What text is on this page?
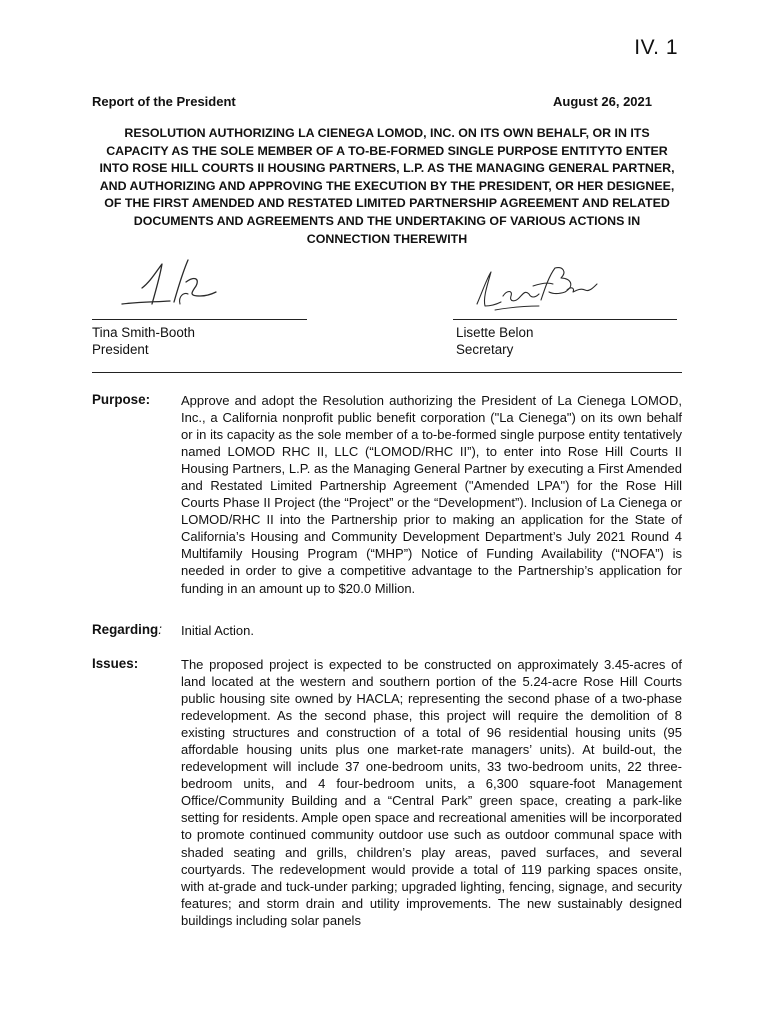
IV. 1
Report of the President	August 26, 2021
RESOLUTION AUTHORIZING LA CIENEGA LOMOD, INC. ON ITS OWN BEHALF, OR IN ITS CAPACITY AS THE SOLE MEMBER OF A TO-BE-FORMED SINGLE PURPOSE ENTITYTO ENTER INTO ROSE HILL COURTS II HOUSING PARTNERS, L.P. AS THE MANAGING GENERAL PARTNER, AND AUTHORIZING AND APPROVING THE EXECUTION BY THE PRESIDENT, OR HER DESIGNEE, OF THE FIRST AMENDED AND RESTATED LIMITED PARTNERSHIP AGREEMENT AND RELATED DOCUMENTS AND AGREEMENTS AND THE UNDERTAKING OF VARIOUS ACTIONS IN CONNECTION THEREWITH
Tina Smith-Booth
President
Lisette Belon
Secretary
Purpose: Approve and adopt the Resolution authorizing the President of La Cienega LOMOD, Inc., a California nonprofit public benefit corporation ("La Cienega") on its own behalf or in its capacity as the sole member of a to-be-formed single purpose entity tentatively named LOMOD RHC II, LLC (“LOMOD/RHC II”), to enter into Rose Hill Courts II Housing Partners, L.P. as the Managing General Partner by executing a First Amended and Restated Limited Partnership Agreement ("Amended LPA") for the Rose Hill Courts Phase II Project (the “Project” or the “Development”). Inclusion of La Cienega or LOMOD/RHC II into the Partnership prior to making an application for the State of California’s Housing and Community Development Department’s July 2021 Round 4 Multifamily Housing Program (“MHP”) Notice of Funding Availability (“NOFA”) is needed in order to give a competitive advantage to the Partnership’s application for funding in an amount up to $20.0 Million.
Regarding: Initial Action.
Issues:	The proposed project is expected to be constructed on approximately 3.45-acres of land located at the western and southern portion of the 5.24-acre Rose Hill Courts public housing site owned by HACLA; representing the second phase of a two-phase redevelopment. As the second phase, this project will require the demolition of 8 existing structures and construction of a total of 96 residential housing units (95 affordable housing units plus one market-rate managers’ units). At build-out, the redevelopment will include 37 one-bedroom units, 33 two-bedroom units, 22 three-bedroom units, and 4 four-bedroom units, a 6,300 square-foot Management Office/Community Building and a “Central Park” green space, creating a park-like setting for residents. Ample open space and recreational amenities will be incorporated to promote continued community outdoor use such as outdoor communal space with shaded seating and grills, children’s play areas, paved surfaces, and several courtyards. The redevelopment would provide a total of 119 parking spaces onsite, with at-grade and tuck-under parking; upgraded lighting, fencing, signage, and security features; and storm drain and utility improvements. The new sustainably designed buildings including solar panels
